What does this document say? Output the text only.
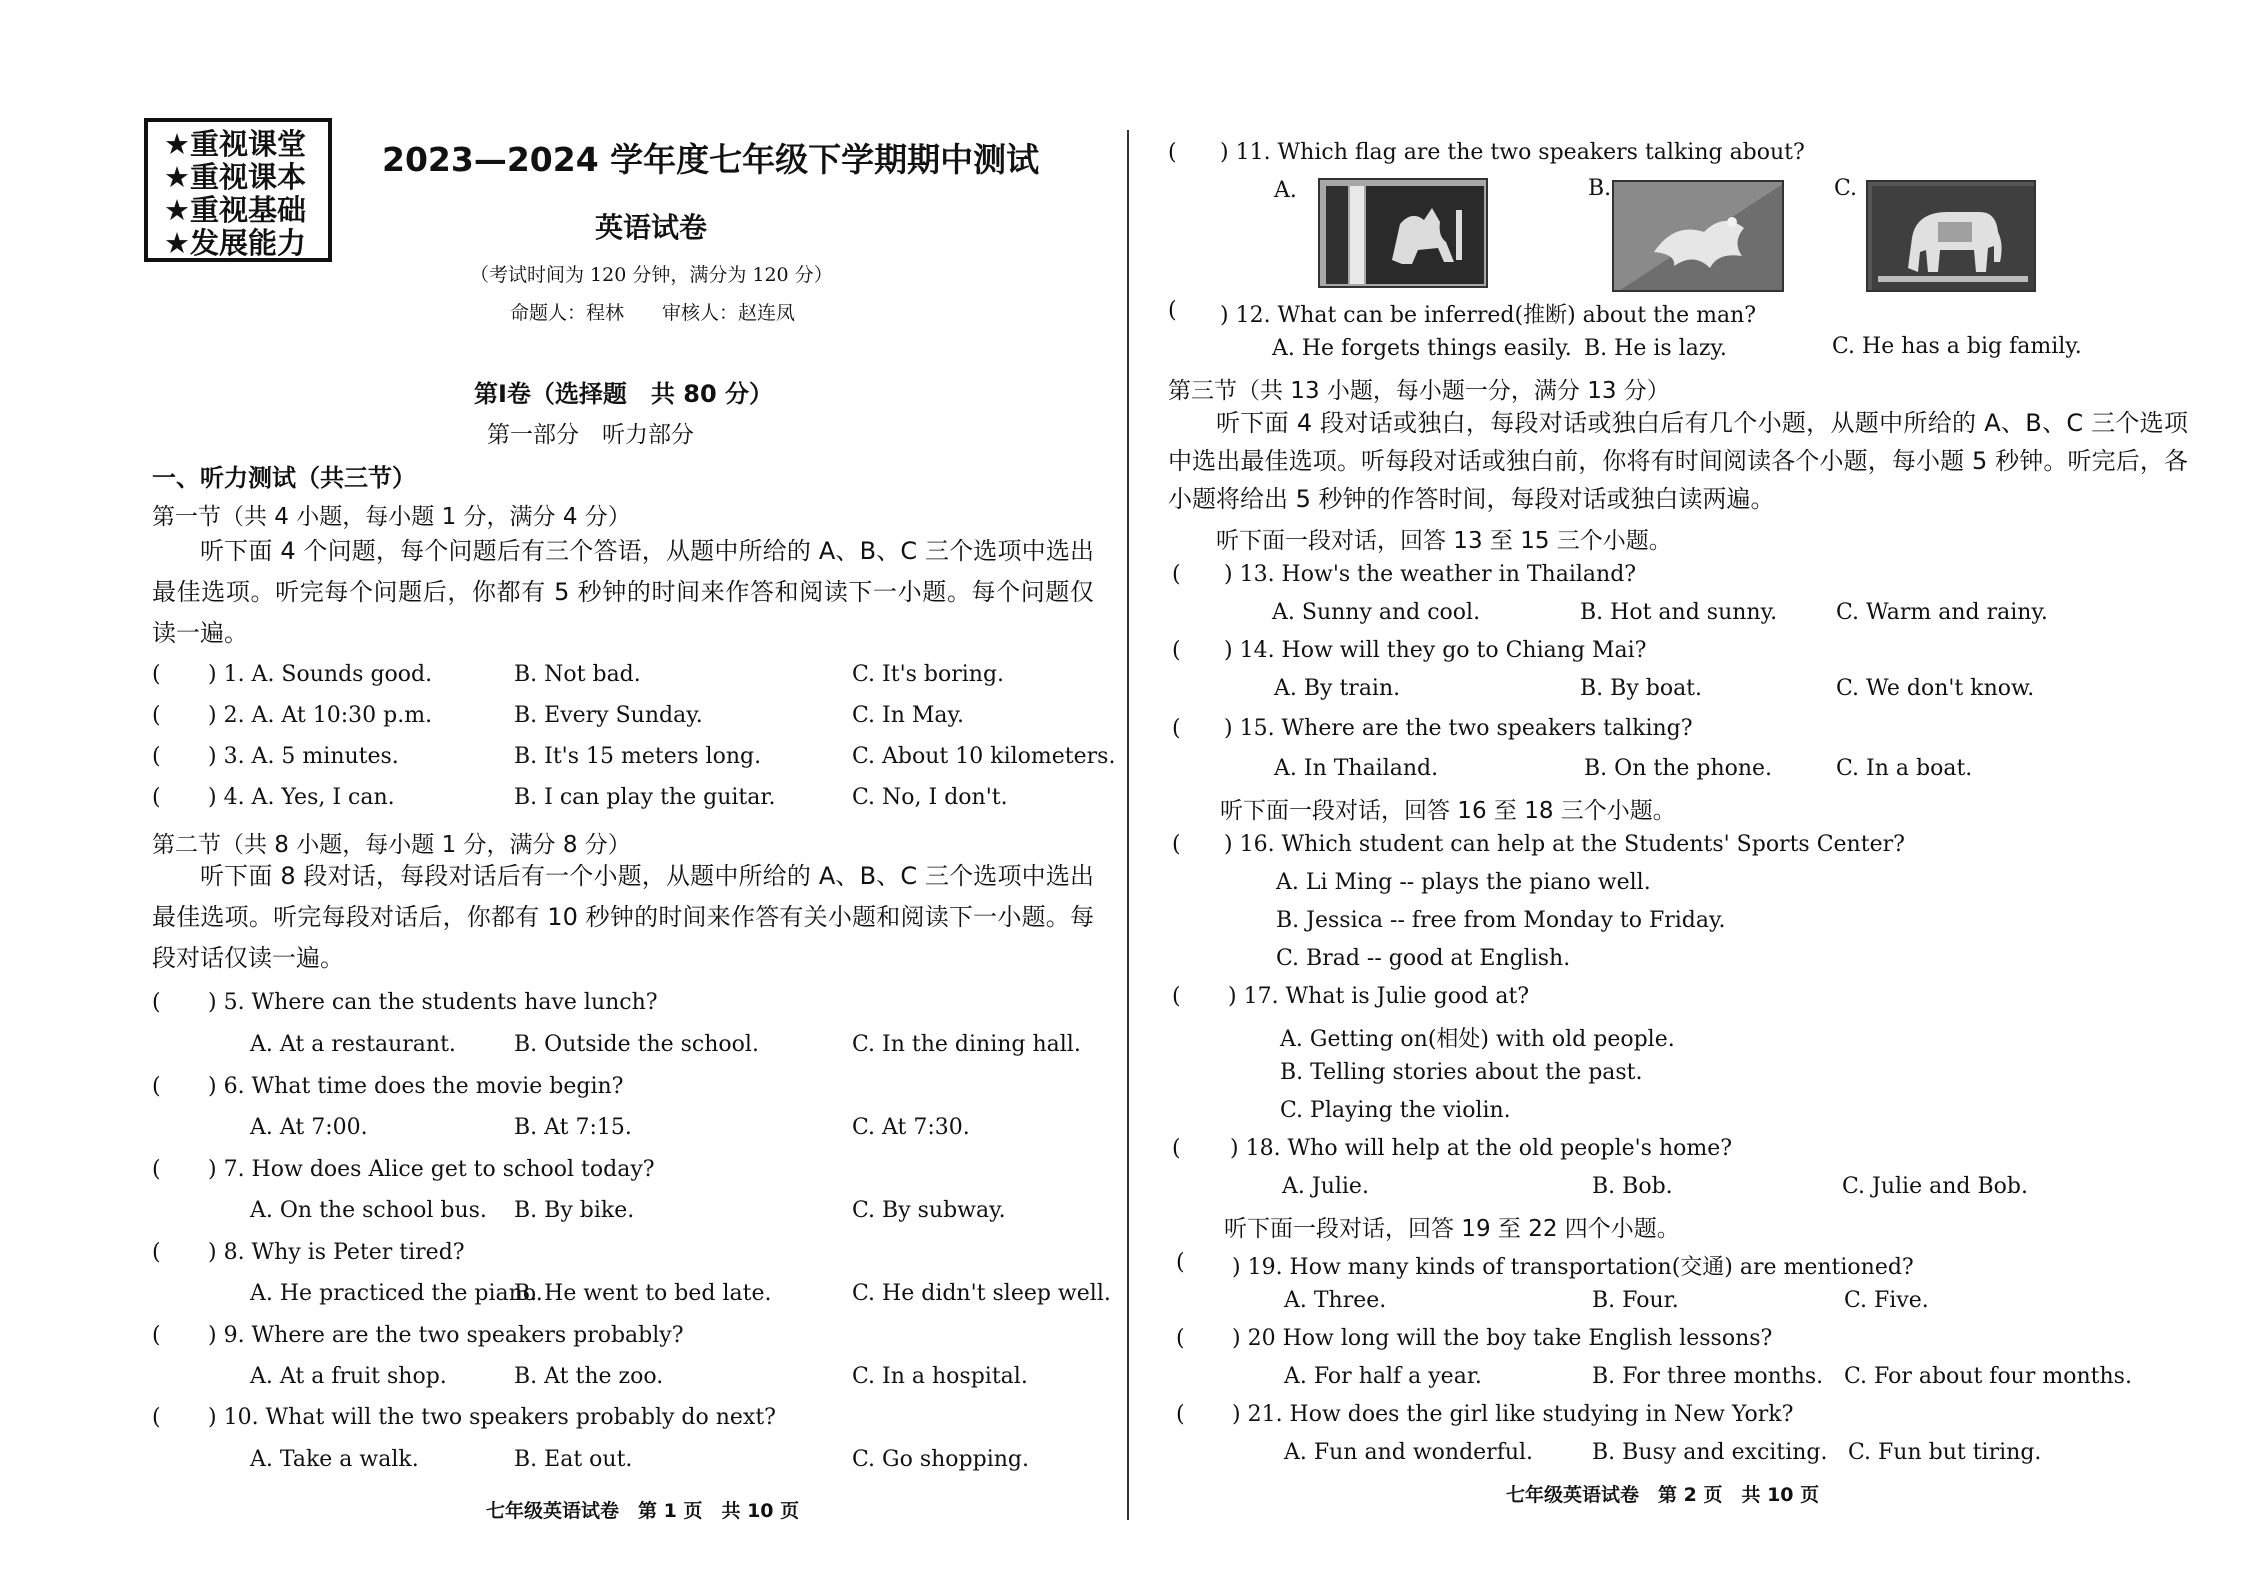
★重视课堂
★重视课本
★重视基础
★发展能力
2023—2024 学年度七年级下学期期中测试
英语试卷
（考试时间为 120 分钟，满分为 120 分）
命题人：程林　　审核人：赵连凤
第Ⅰ卷（选择题　共 80 分）
第一部分　听力部分
一、听力测试（共三节）
第一节（共 4 小题，每小题 1 分，满分 4 分）
听下面 4 个问题，每个问题后有三个答语，从题中所给的 A、B、C 三个选项中选出最佳选项。听完每个问题后，你都有 5 秒钟的时间来作答和阅读下一小题。每个问题仅读一遍。
( ) 1. A. Sounds good.	B. Not bad.	C. It's boring.
( ) 2. A. At 10:30 p.m.	B. Every Sunday.	C. In May.
( ) 3. A. 5 minutes.	B. It's 15 meters long.	C. About 10 kilometers.
( ) 4. A. Yes, I can.	B. I can play the guitar.	C. No, I don't.
第二节（共 8 小题，每小题 1 分，满分 8 分）
听下面 8 段对话，每段对话后有一个小题，从题中所给的 A、B、C 三个选项中选出最佳选项。听完每段对话后，你都有 10 秒钟的时间来作答有关小题和阅读下一小题。每段对话仅读一遍。
( ) 5. Where can the students have lunch?
A. At a restaurant.	B. Outside the school.	C. In the dining hall.
( ) 6. What time does the movie begin?
A. At 7:00.	B. At 7:15.	C. At 7:30.
( ) 7. How does Alice get to school today?
A. On the school bus. B. By bike.	C. By subway.
( ) 8. Why is Peter tired?
A. He practiced the piano.
B. He went to bed late.	C. He didn't sleep well.
( ) 9. Where are the two speakers probably?
A. At a fruit shop.	B. At the zoo.	C. In a hospital.
( ) 10. What will the two speakers probably do next?
A. Take a walk.	B. Eat out.	C. Go shopping.
七年级英语试卷　第 1 页　共 10 页
( ) 11. Which flag are the two speakers talking about?
A.	B.	C.
( ) 12. What can be inferred(推断) about the man?
A. He forgets things easily. B. He is lazy.	C. He has a big family.
第三节（共 13 小题，每小题一分，满分 13 分）
听下面 4 段对话或独白，每段对话或独白后有几个小题，从题中所给的 A、B、C 三个选项中选出最佳选项。听每段对话或独白前，你将有时间阅读各个小题，每小题 5 秒钟。听完后，各小题将给出 5 秒钟的作答时间，每段对话或独白读两遍。
听下面一段对话，回答 13 至 15 三个小题。
( ) 13. How's the weather in Thailand?
A. Sunny and cool.	B. Hot and sunny.	C. Warm and rainy.
( ) 14. How will they go to Chiang Mai?
A. By train.	B. By boat.	C. We don't know.
( ) 15. Where are the two speakers talking?
A. In Thailand.	B. On the phone.	C. In a boat.
听下面一段对话，回答 16 至 18 三个小题。
( ) 16. Which student can help at the Students' Sports Center?
A. Li Ming -- plays the piano well.
B. Jessica -- free from Monday to Friday.
C. Brad -- good at English.
( ) 17. What is Julie good at?
A. Getting on(相处) with old people.
B. Telling stories about the past.
C. Playing the violin.
( ) 18. Who will help at the old people's home?
A. Julie.	B. Bob.	C. Julie and Bob.
听下面一段对话，回答 19 至 22 四个小题。
( ) 19. How many kinds of transportation(交通) are mentioned?
A. Three.	B. Four.	C. Five.
( ) 20 How long will the boy take English lessons?
A. For half a year.	B. For three months. C. For about four months.
( ) 21. How does the girl like studying in New York?
A. Fun and wonderful.	B. Busy and exciting. C. Fun but tiring.
七年级英语试卷　第 2 页　共 10 页
